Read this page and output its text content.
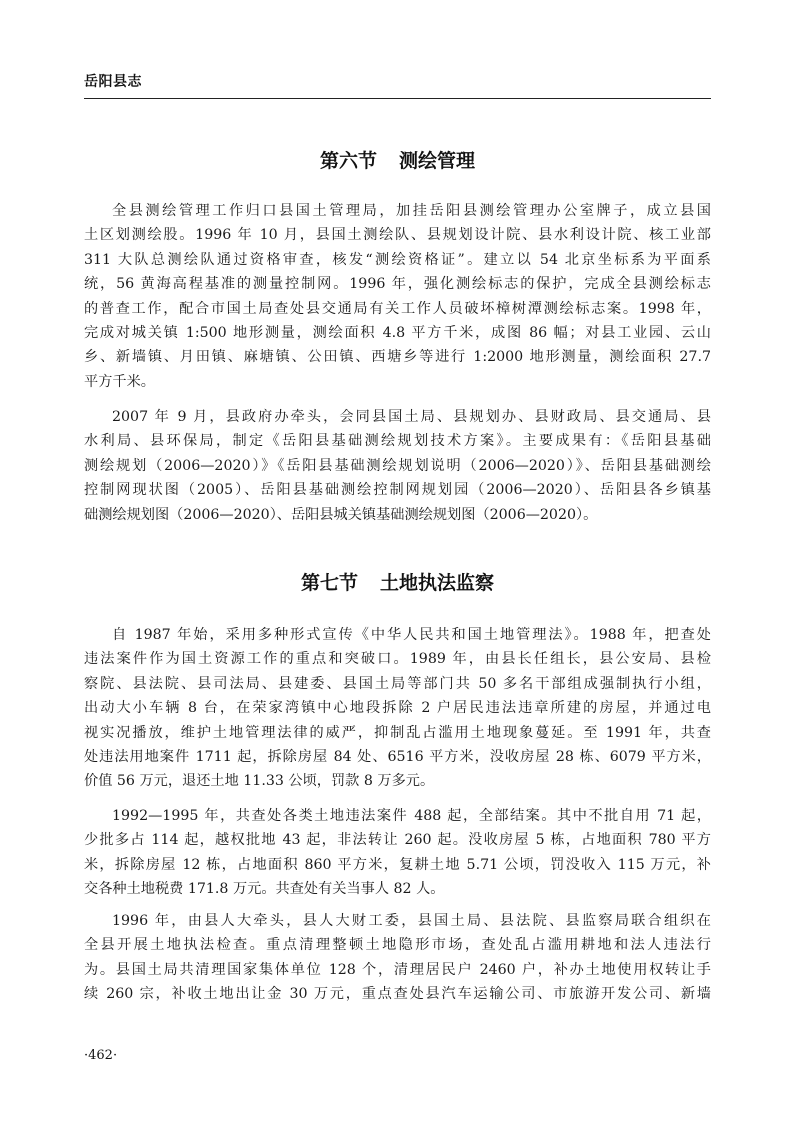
岳阳县志
第六节 测绘管理
全县测绘管理工作归口县国土管理局，加挂岳阳县测绘管理办公室牌子，成立县国
土区划测绘股。1996 年 10 月，县国土测绘队、县规划设计院、县水利设计院、核工业部
311 大队总测绘队通过资格审查，核发“测绘资格证”。建立以 54 北京坐标系为平面系
统，56 黄海高程基准的测量控制网。1996 年，强化测绘标志的保护，完成全县测绘标志
的普查工作，配合市国土局查处县交通局有关工作人员破坏樟树潭测绘标志案。1998 年，
完成对城关镇 1:500 地形测量，测绘面积 4.8 平方千米，成图 86 幅；对县工业园、云山
乡、新墙镇、月田镇、麻塘镇、公田镇、西塘乡等进行 1:2000 地形测量，测绘面积 27.7
平方千米。
2007 年 9 月，县政府办牵头，会同县国土局、县规划办、县财政局、县交通局、县
水利局、县环保局，制定《岳阳县基础测绘规划技术方案》。主要成果有：《岳阳县基础
测绘规划（2006—2020）》《岳阳县基础测绘规划说明（2006—2020）》、岳阳县基础测绘
控制网现状图（2005）、岳阳县基础测绘控制网规划园（2006—2020）、岳阳县各乡镇基
础测绘规划图（2006—2020）、岳阳县城关镇基础测绘规划图（2006—2020）。
第七节 土地执法监察
自 1987 年始，采用多种形式宣传《中华人民共和国土地管理法》。1988 年，把查处
违法案件作为国土资源工作的重点和突破口。1989 年，由县长任组长，县公安局、县检
察院、县法院、县司法局、县建委、县国土局等部门共 50 多名干部组成强制执行小组，
出动大小车辆 8 台，在荣家湾镇中心地段拆除 2 户居民违法违章所建的房屋，并通过电
视实况播放，维护土地管理法律的威严，抑制乱占滥用土地现象蔓延。至 1991 年，共查
处违法用地案件 1711 起，拆除房屋 84 处、6516 平方米，没收房屋 28 栋、6079 平方米，
价值 56 万元，退还土地 11.33 公顷，罚款 8 万多元。
1992—1995 年，共查处各类土地违法案件 488 起，全部结案。其中不批自用 71 起，
少批多占 114 起，越权批地 43 起，非法转让 260 起。没收房屋 5 栋，占地面积 780 平方
米，拆除房屋 12 栋，占地面积 860 平方米，复耕土地 5.71 公顷，罚没收入 115 万元，补
交各种土地税费 171.8 万元。共查处有关当事人 82 人。
1996 年，由县人大牵头，县人大财工委，县国土局、县法院、县监察局联合组织在
全县开展土地执法检查。重点清理整顿土地隐形市场，查处乱占滥用耕地和法人违法行
为。县国土局共清理国家集体单位 128 个，清理居民户 2460 户，补办土地使用权转让手
续 260 宗，补收土地出让金 30 万元，重点查处县汽车运输公司、市旅游开发公司、新墙
·462·
